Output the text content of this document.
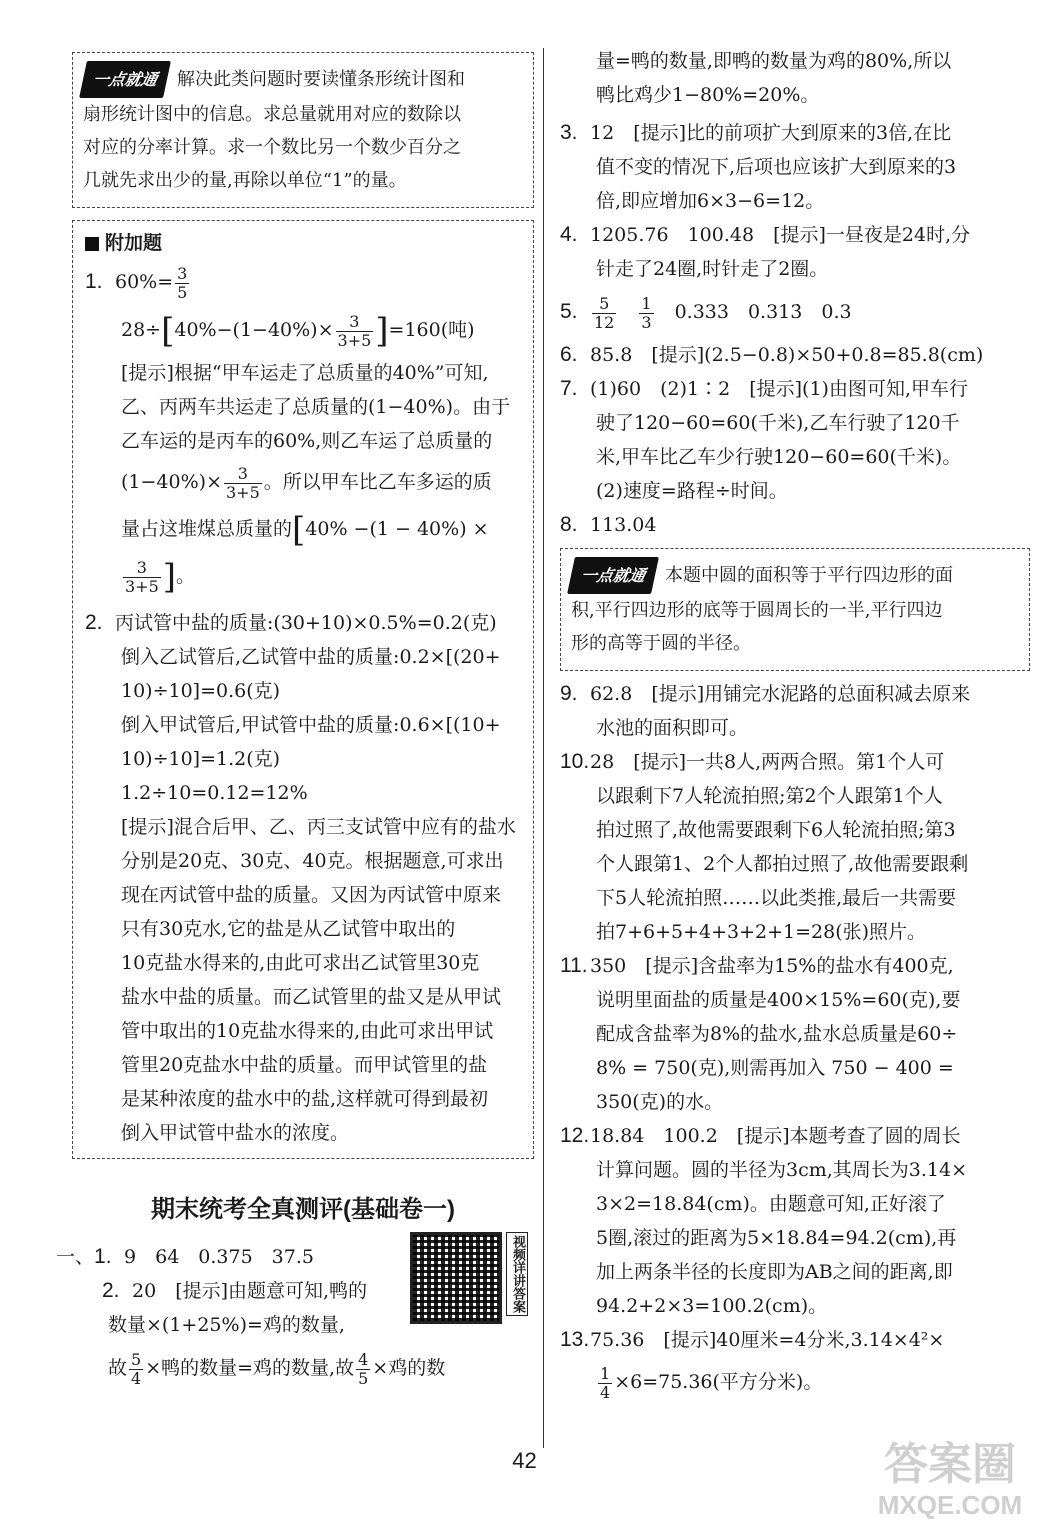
一点就通 解决此类问题时要读懂条形统计图和
扇形统计图中的信息。求总量就用对应的数除以
对应的分率计算。求一个数比另一个数少百分之
几就先求出少的量,再除以单位“1”的量。
附加题
1. $60\%= \frac{3}{5}$
$28\div[40\%-(1-40\%)\times \frac{3}{3+5} ]=160$(吨)
[提示]根据“甲车运走了总质量的40%”可知,
乙、丙两车共运走了总质量的(1−40%)。由于
乙车运的是丙车的60%,则乙车运了总质量的
$(1-40\%)\times \frac{3}{3+5}$ 。所以甲车比乙车多运的质
量占这堆煤总质量的[40% −(1 − 40%) ×
$\frac{3}{3+5}$ ]。
2. 丙试管中盐的质量:(30+10)×0.5%=0.2(克)
倒入乙试管后,乙试管中盐的质量:0.2×[(20+
10)÷10]=0.6(克)
倒入甲试管后,甲试管中盐的质量:0.6×[(10+
10)÷10]=1.2(克)
1.2÷10=0.12=12%
[提示]混合后甲、乙、丙三支试管中应有的盐水
分别是20克、30克、40克。根据题意,可求出
现在丙试管中盐的质量。又因为丙试管中原来
只有30克水,它的盐是从乙试管中取出的
10克盐水得来的,由此可求出乙试管里30克
盐水中盐的质量。而乙试管里的盐又是从甲试
管中取出的10克盐水得来的,由此可求出甲试
管里20克盐水中盐的质量。而甲试管里的盐
是某种浓度的盐水中的盐,这样就可得到最初
倒入甲试管中盐水的浓度。
期末统考全真测评(基础卷一)
一、1. 9　64　0.375　37.5
2. 20　[提示]由题意可知,鸭的
数量×(1+25%)=鸡的数量,
故 $\frac{5}{4}$ ×鸭的数量=鸡的数量,故 $\frac{4}{5}$ ×鸡的数
视频详讲答案
量=鸭的数量,即鸭的数量为鸡的80%,所以
鸭比鸡少1−80%=20%。
3. 12　[提示]比的前项扩大到原来的3倍,在比
值不变的情况下,后项也应该扩大到原来的3
倍,即应增加6×3−6=12。
4. 1205.76　100.48　[提示]一昼夜是24时,分
针走了24圈,时针走了2圈。
5. $\frac{5}{12}$
　 $\frac{1}{3}$
　 0.333　0.313̇　0.3
6. 85.8　[提示](2.5−0.8)×50+0.8=85.8(cm)
7. (1)60　(2)1∶2　[提示](1)由图可知,甲车行
驶了120−60=60(千米),乙车行驶了120千
米,甲车比乙车少行驶120−60=60(千米)。
(2)速度=路程÷时间。
8. 113.04
一点就通 本题中圆的面积等于平行四边形的面
积,平行四边形的底等于圆周长的一半,平行四边
形的高等于圆的半径。
9. 62.8　[提示]用铺完水泥路的总面积减去原来
水池的面积即可。
10.28　[提示]一共8人,两两合照。第1个人可
以跟剩下7人轮流拍照;第2个人跟第1个人
拍过照了,故他需要跟剩下6人轮流拍照;第3
个人跟第1、2个人都拍过照了,故他需要跟剩
下5人轮流拍照……以此类推,最后一共需要
拍7+6+5+4+3+2+1=28(张)照片。
11. 350　[提示]含盐率为15%的盐水有400克,
说明里面盐的质量是400×15%=60(克),要
配成含盐率为8%的盐水,盐水总质量是60÷
8% = 750(克),则需再加入 750 − 400 =
350(克)的水。
12.18.84　100.2　[提示]本题考查了圆的周长
计算问题。圆的半径为3cm,其周长为3.14×
3×2=18.84(cm)。由题意可知,正好滚了
5圈,滚过的距离为5×18.84=94.2(cm),再
加上两条半径的长度即为AB之间的距离,即
94.2+2×3=100.2(cm)。
13.75.36　[提示]40厘米=4分米,3.14×4²×
$\frac{1}{4} \times 6=75.36$(平方分米)。
42	答案圈
MXQE.COM
